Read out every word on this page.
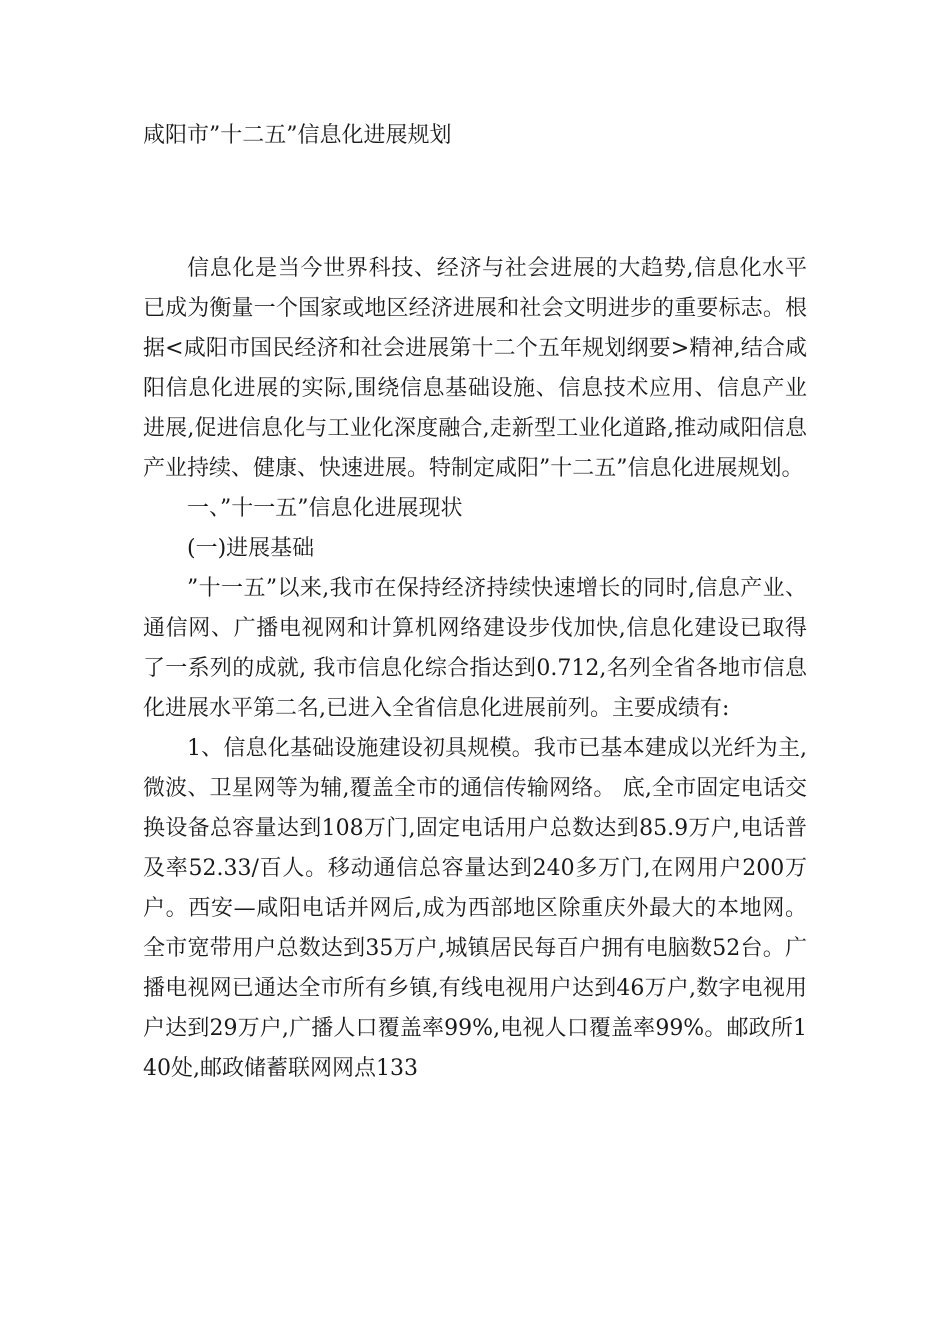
咸阳市”十二五”信息化进展规划

信息化是当今世界科技、经济与社会进展的大趋势,信息化水平已成为衡量一个国家或地区经济进展和社会文明进步的重要标志。根据<咸阳市国民经济和社会进展第十二个五年规划纲要>精神,结合咸阳信息化进展的实际,围绕信息基础设施、信息技术应用、信息产业进展,促进信息化与工业化深度融合,走新型工业化道路,推动咸阳信息产业持续、健康、快速进展。特制定咸阳”十二五”信息化进展规划。

一、”十一五”信息化进展现状

(一)进展基础

”十一五”以来,我市在保持经济持续快速增长的同时,信息产业、通信网、广播电视网和计算机网络建设步伐加快,信息化建设已取得了一系列的成就, 我市信息化综合指达到0.712,名列全省各地市信息化进展水平第二名,已进入全省信息化进展前列。主要成绩有:

1、信息化基础设施建设初具规模。我市已基本建成以光纤为主,微波、卫星网等为辅,覆盖全市的通信传输网络。 底,全市固定电话交换设备总容量达到108万门,固定电话用户总数达到85.9万户,电话普及率52.33/百人。移动通信总容量达到240多万门,在网用户200万户。西安—咸阳电话并网后,成为西部地区除重庆外最大的本地网。全市宽带用户总数达到35万户,城镇居民每百户拥有电脑数52台。广播电视网已通达全市所有乡镇,有线电视用户达到46万户,数字电视用户达到29万户,广播人口覆盖率99%,电视人口覆盖率99%。邮政所140处,邮政储蓄联网网点133
